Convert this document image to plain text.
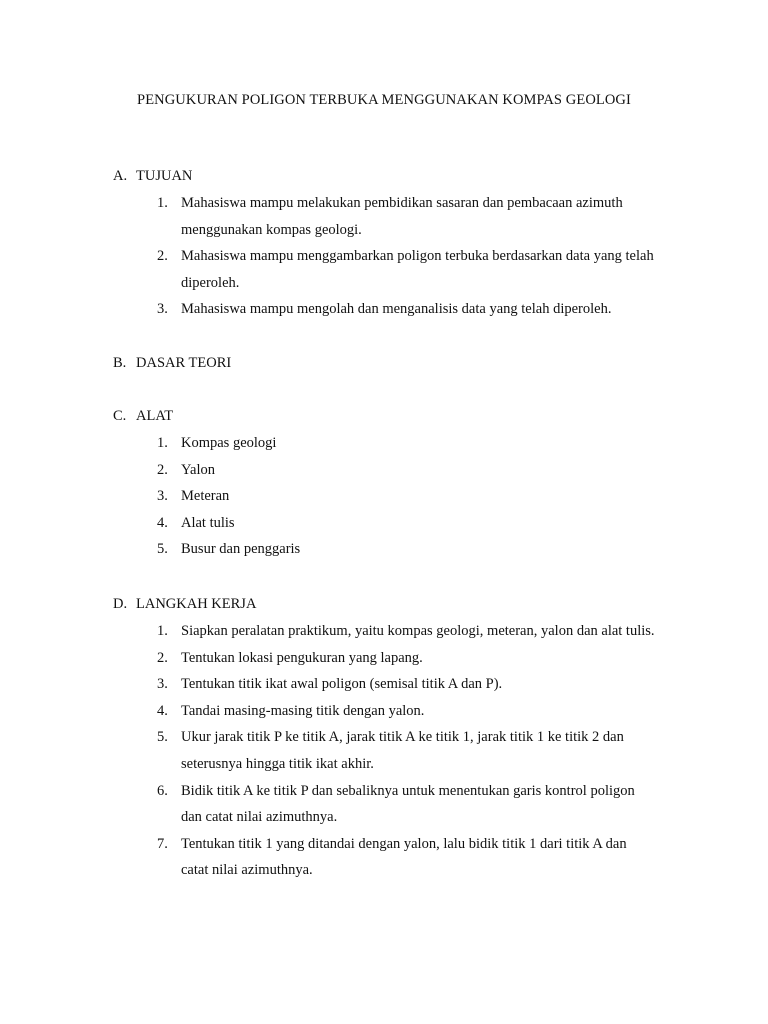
PENGUKURAN POLIGON TERBUKA MENGGUNAKAN KOMPAS GEOLOGI
A. TUJUAN
1. Mahasiswa mampu melakukan pembidikan sasaran dan pembacaan azimuth
menggunakan kompas geologi.
2. Mahasiswa mampu menggambarkan poligon terbuka berdasarkan data yang telah
diperoleh.
3. Mahasiswa mampu mengolah dan menganalisis data yang telah diperoleh.
B. DASAR TEORI
C. ALAT
1. Kompas geologi
2. Yalon
3. Meteran
4. Alat tulis
5. Busur dan penggaris
D. LANGKAH KERJA
1. Siapkan peralatan praktikum, yaitu kompas geologi, meteran, yalon dan alat tulis.
2. Tentukan lokasi pengukuran yang lapang.
3. Tentukan titik ikat awal poligon (semisal titik A dan P).
4. Tandai masing-masing titik dengan yalon.
5. Ukur jarak titik P ke titik A, jarak titik A ke titik 1, jarak titik 1 ke titik 2 dan
seterusnya hingga titik ikat akhir.
6. Bidik titik A ke titik P dan sebaliknya untuk menentukan garis kontrol poligon
dan catat nilai azimuthnya.
7. Tentukan titik 1 yang ditandai dengan yalon, lalu bidik titik 1 dari titik A dan
catat nilai azimuthnya.
